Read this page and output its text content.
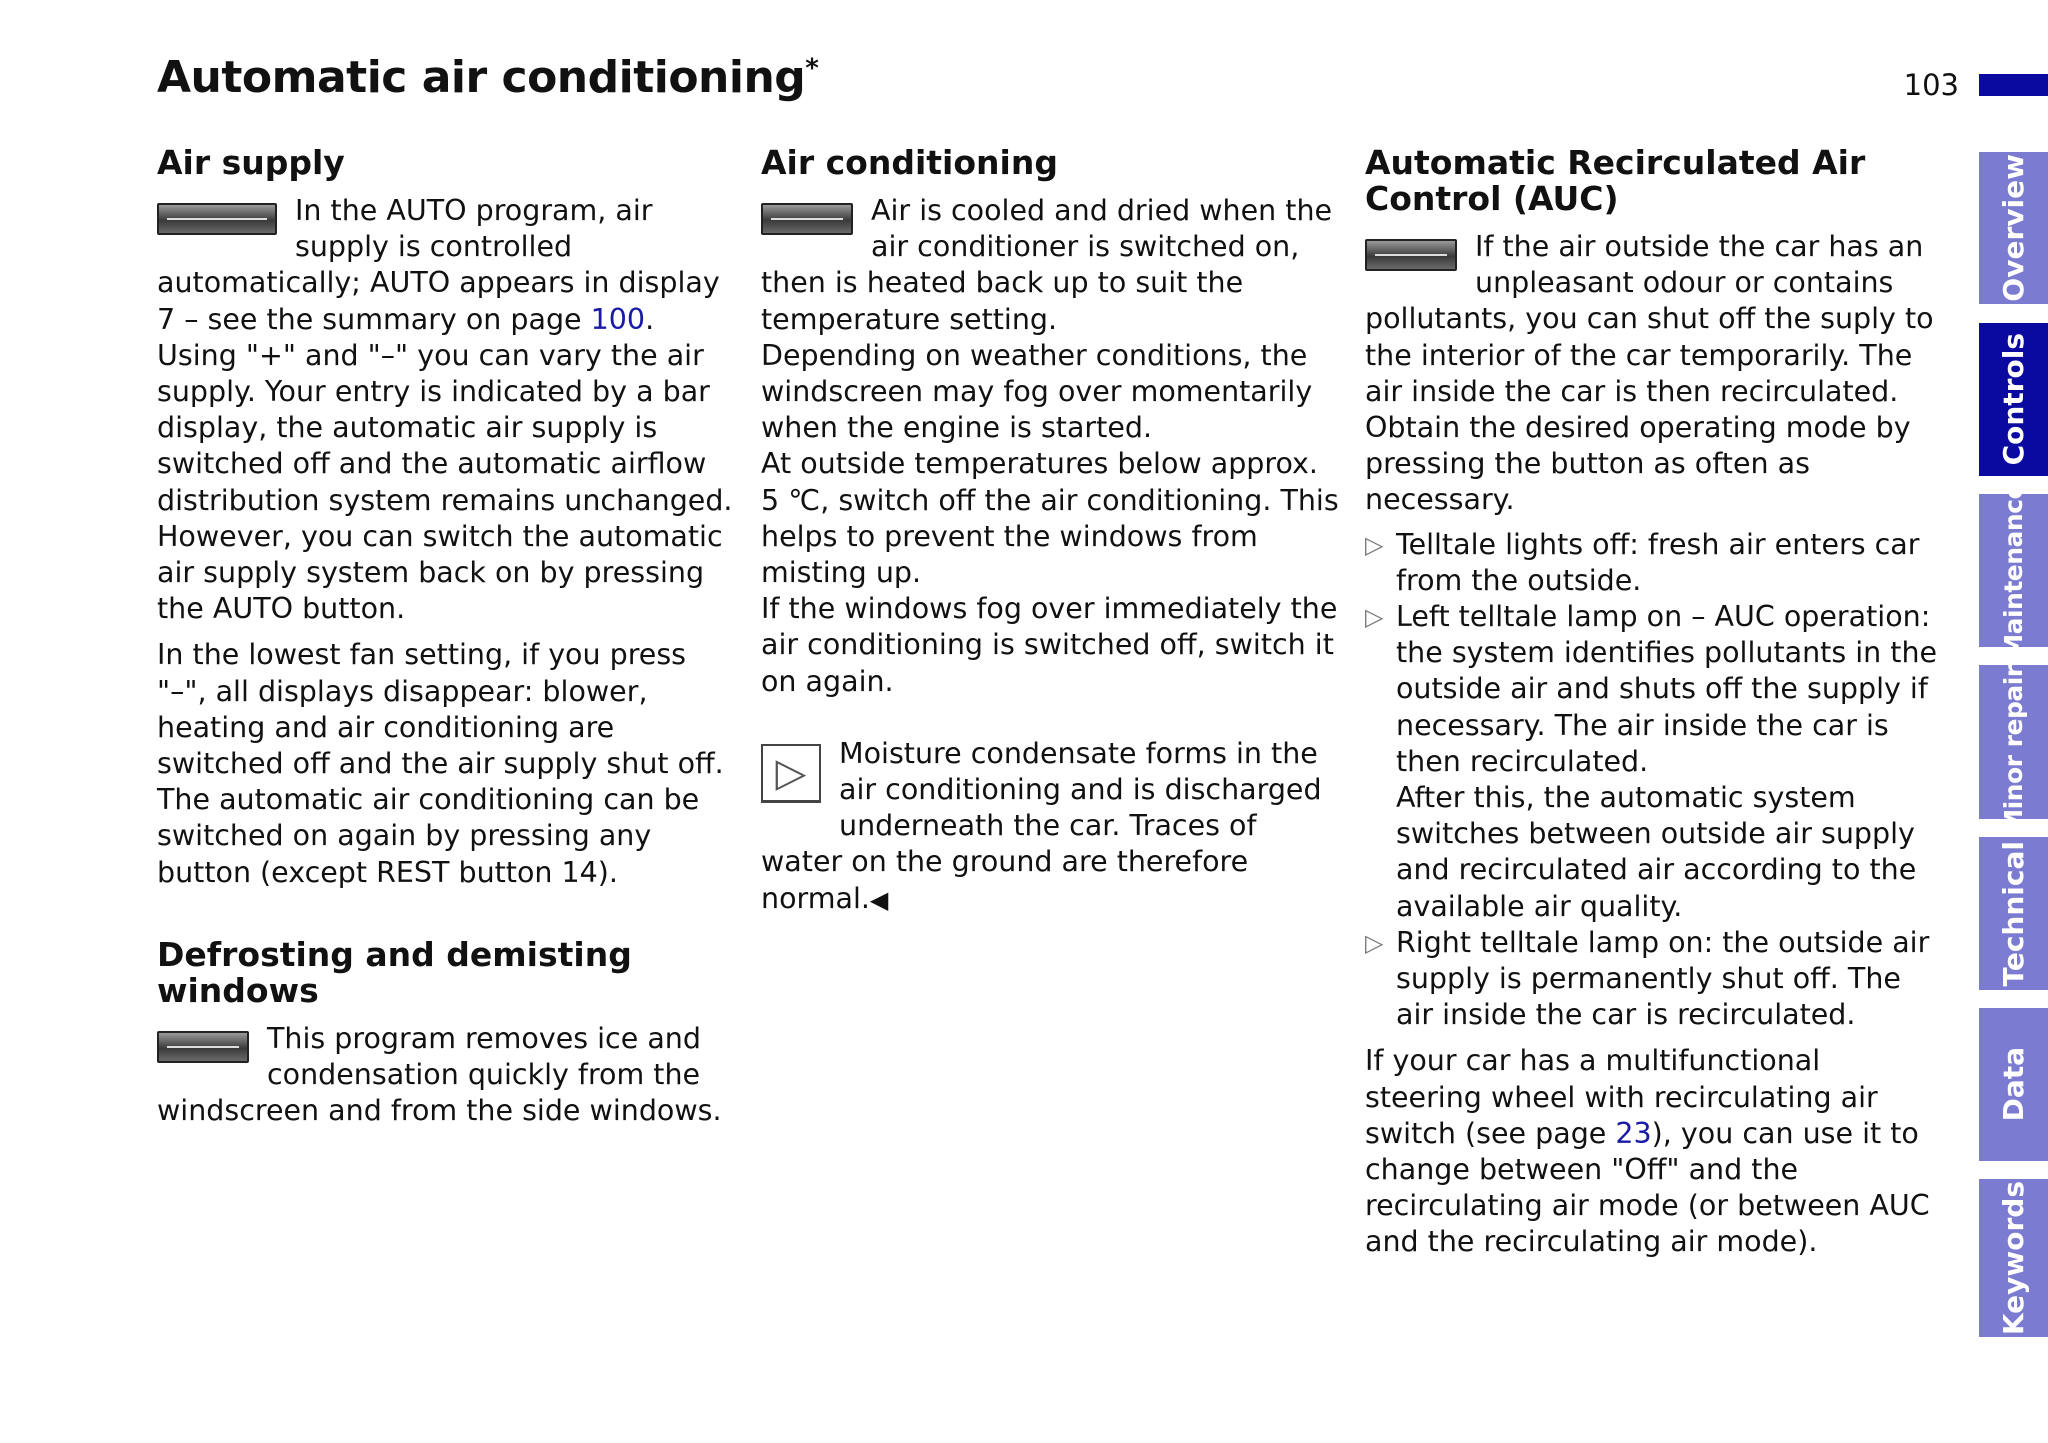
Automatic air conditioning*	103
Air supply
In the AUTO program, air supply is controlled automatically; AUTO appears in display 7 – see the summary on page 100. Using "+" and "–" you can vary the air supply. Your entry is indicated by a bar display, the automatic air supply is switched off and the automatic airflow distribution system remains unchanged. However, you can switch the automatic air supply system back on by pressing the AUTO button.

In the lowest fan setting, if you press "–", all displays disappear: blower, heating and air conditioning are switched off and the air supply shut off. The automatic air conditioning can be switched on again by pressing any button (except REST button 14).

Defrosting and demisting windows
This program removes ice and condensation quickly from the windscreen and from the side windows.
Air conditioning
Air is cooled and dried when the air conditioner is switched on, then is heated back up to suit the temperature setting.

Depending on weather conditions, the windscreen may fog over momentarily when the engine is started.

At outside temperatures below approx. 5 ℃, switch off the air conditioning. This helps to prevent the windows from misting up.

If the windows fog over immediately the air conditioning is switched off, switch it on again.

▷	Moisture condensate forms in the air conditioning and is discharged underneath the car. Traces of water on the ground are therefore normal.◀
Automatic Recirculated Air Control (AUC)
If the air outside the car has an unpleasant odour or contains pollutants, you can shut off the suply to the interior of the car temporarily. The air inside the car is then recirculated.

Obtain the desired operating mode by pressing the button as often as necessary.

▷ Telltale lights off: fresh air enters car from the outside.
▷ Left telltale lamp on – AUC operation: the system identifies pollutants in the outside air and shuts off the supply if necessary. The air inside the car is then recirculated.
After this, the automatic system switches between outside air supply and recirculated air according to the available air quality.
▷ Right telltale lamp on: the outside air supply is permanently shut off. The air inside the car is recirculated.

If your car has a multifunctional steering wheel with recirculating air switch (see page 23), you can use it to change between "Off" and the recirculating air mode (or between AUC and the recirculating air mode).

Overview
Controls
Maintenance
Minor repairs
Technical
Data
Keywords
